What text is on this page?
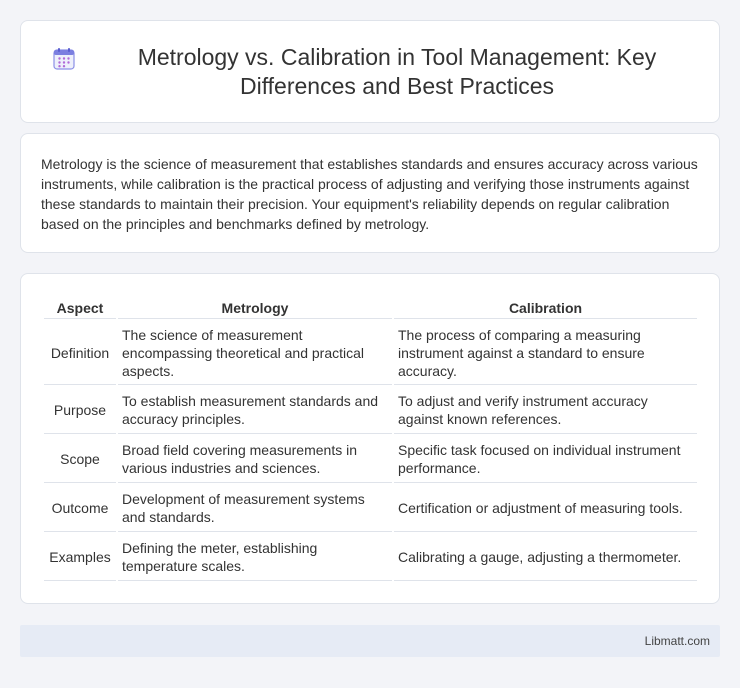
Metrology vs. Calibration in Tool Management: Key Differences and Best Practices

Metrology is the science of measurement that establishes standards and ensures accuracy across various instruments, while calibration is the practical process of adjusting and verifying those instruments against these standards to maintain their precision. Your equipment's reliability depends on regular calibration based on the principles and benchmarks defined by metrology.

Aspect	Metrology	Calibration
Definition	The science of measurement encompassing theoretical and practical aspects.	The process of comparing a measuring instrument against a standard to ensure accuracy.
Purpose	To establish measurement standards and accuracy principles.	To adjust and verify instrument accuracy against known references.
Scope	Broad field covering measurements in various industries and sciences.	Specific task focused on individual instrument performance.
Outcome	Development of measurement systems and standards.	Certification or adjustment of measuring tools.
Examples	Defining the meter, establishing temperature scales.	Calibrating a gauge, adjusting a thermometer.
Libmatt.com
